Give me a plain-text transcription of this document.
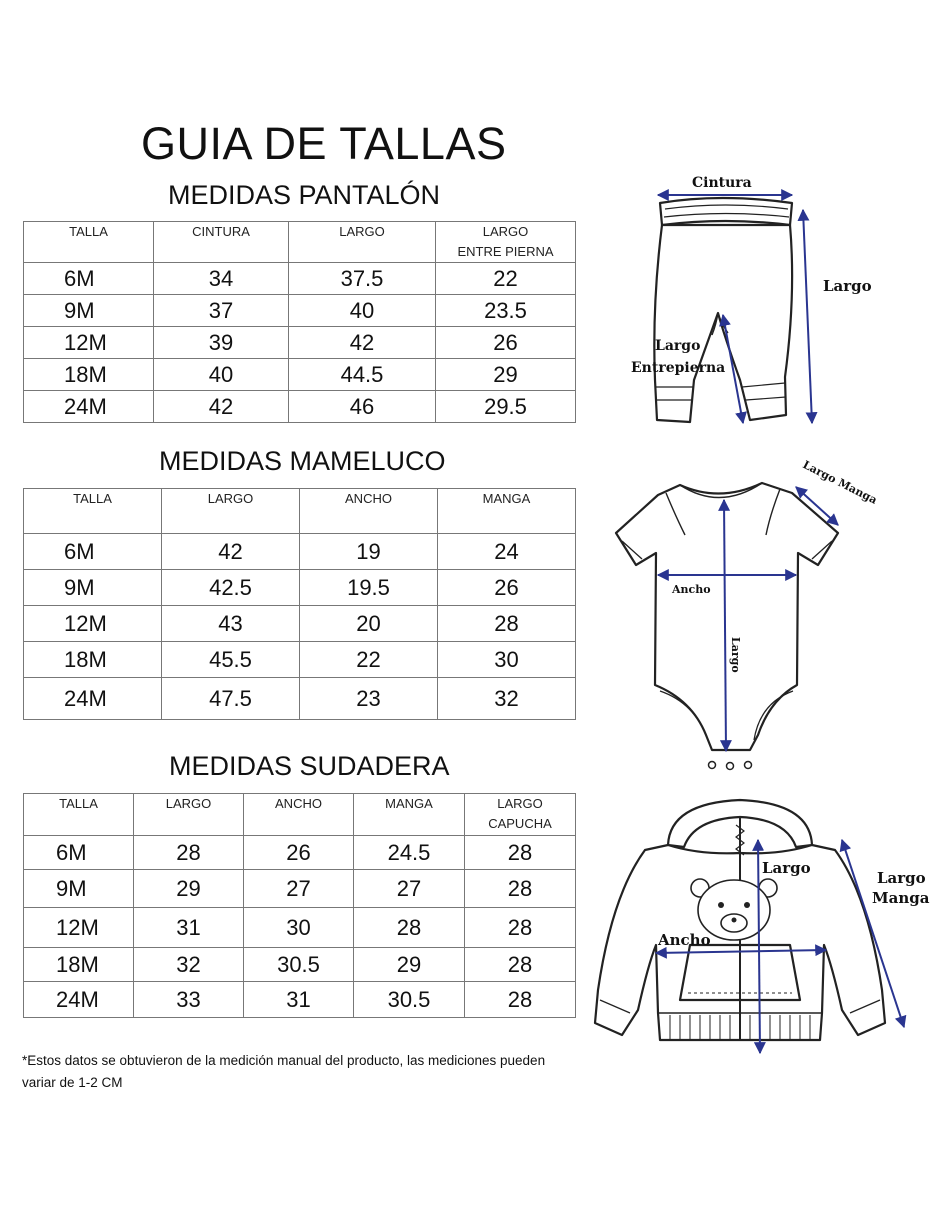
GUIA DE TALLAS
MEDIDAS PANTALÓN
TALLA	CINTURA	LARGO	LARGO
ENTRE PIERNA
6M	34	37.5	22
9M	37	40	23.5
12M	39	42	26
18M	40	44.5	29
24M	42	46	29.5
MEDIDAS MAMELUCO
TALLA	LARGO	ANCHO	MANGA
6M	42	19	24
9M	42.5	19.5	26
12M	43	20	28
18M	45.5	22	30
24M	47.5	23	32
MEDIDAS SUDADERA
TALLA	LARGO	ANCHO	MANGA	LARGO
CAPUCHA
6M	28	26	24.5	28
9M	29	27	27	28
12M	31	30	28	28
18M	32	30.5	29	28
24M	33	31	30.5	28

*Estos datos se obtuvieron de la medición manual del producto, las mediciones pueden variar de 1-2 CM

Cintura
Largo
Largo
Entrepierna
Ancho
Largo
Largo Manga
Largo
Ancho
Largo
Manga
